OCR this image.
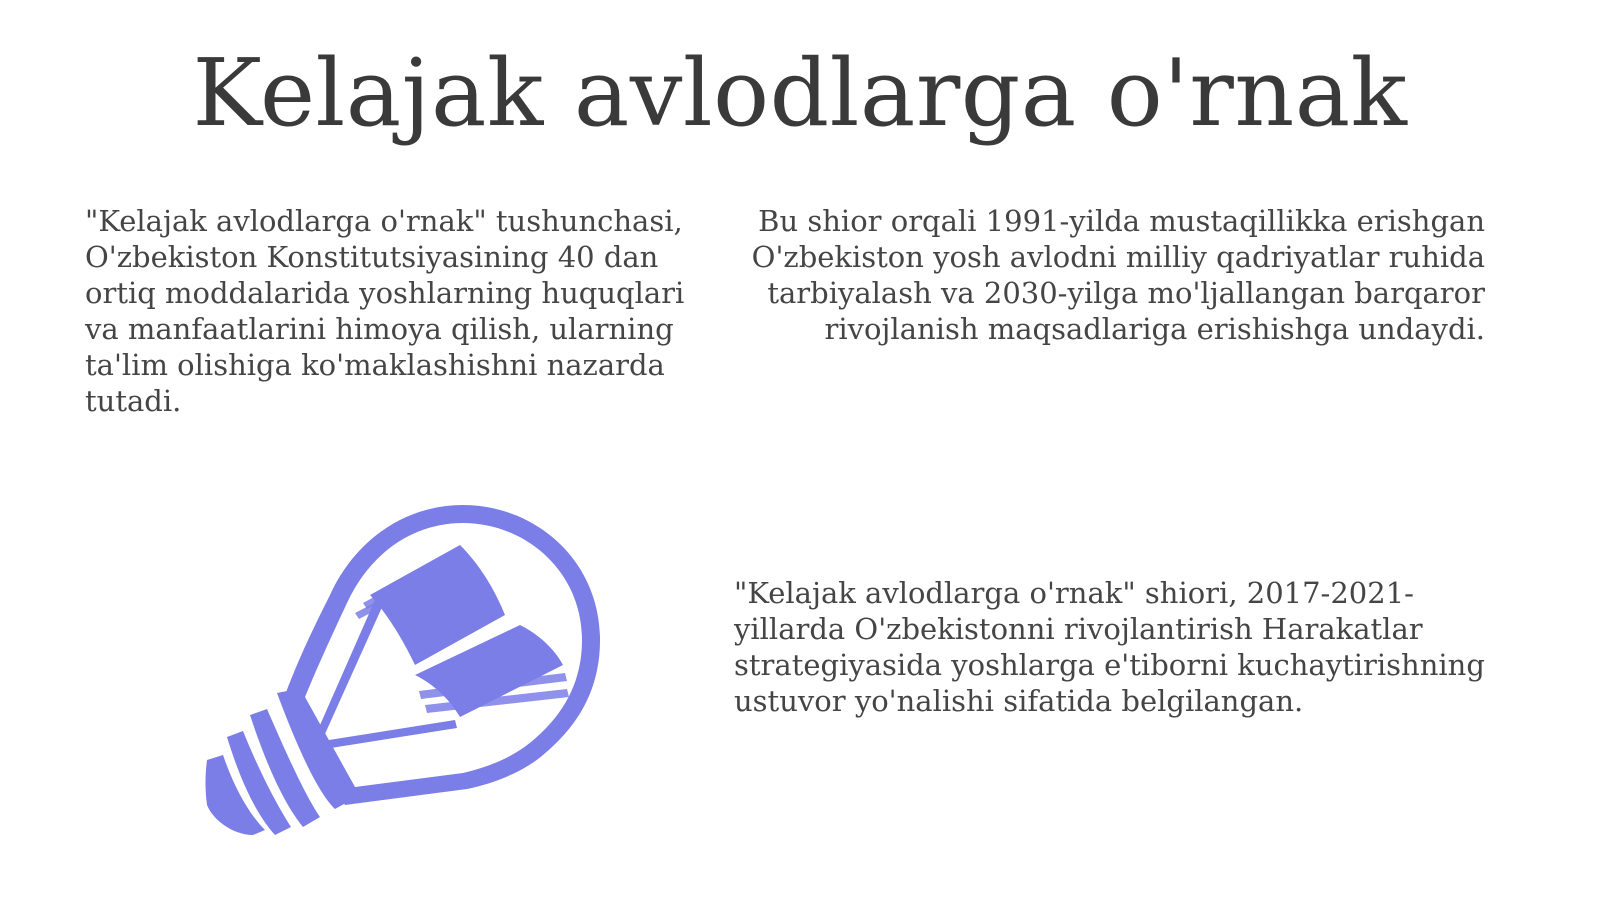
Kelajak avlodlarga o'rnak

"Kelajak avlodlarga o'rnak" tushunchasi, O'zbekiston Konstitutsiyasining 40 dan ortiq moddalarida yoshlarning huquqlari va manfaatlarini himoya qilish, ularning ta'lim olishiga ko'maklashishni nazarda tutadi.

Bu shior orqali 1991-yilda mustaqillikka erishgan O'zbekiston yosh avlodni milliy qadriyatlar ruhida tarbiyalash va 2030-yilga mo'ljallangan barqaror rivojlanish maqsadlariga erishishga undaydi.

"Kelajak avlodlarga o'rnak" shiori, 2017-2021-yillarda O'zbekistonni rivojlantirish Harakatlar strategiyasida yoshlarga e'tiborni kuchaytirishning ustuvor yo'nalishi sifatida belgilangan.
